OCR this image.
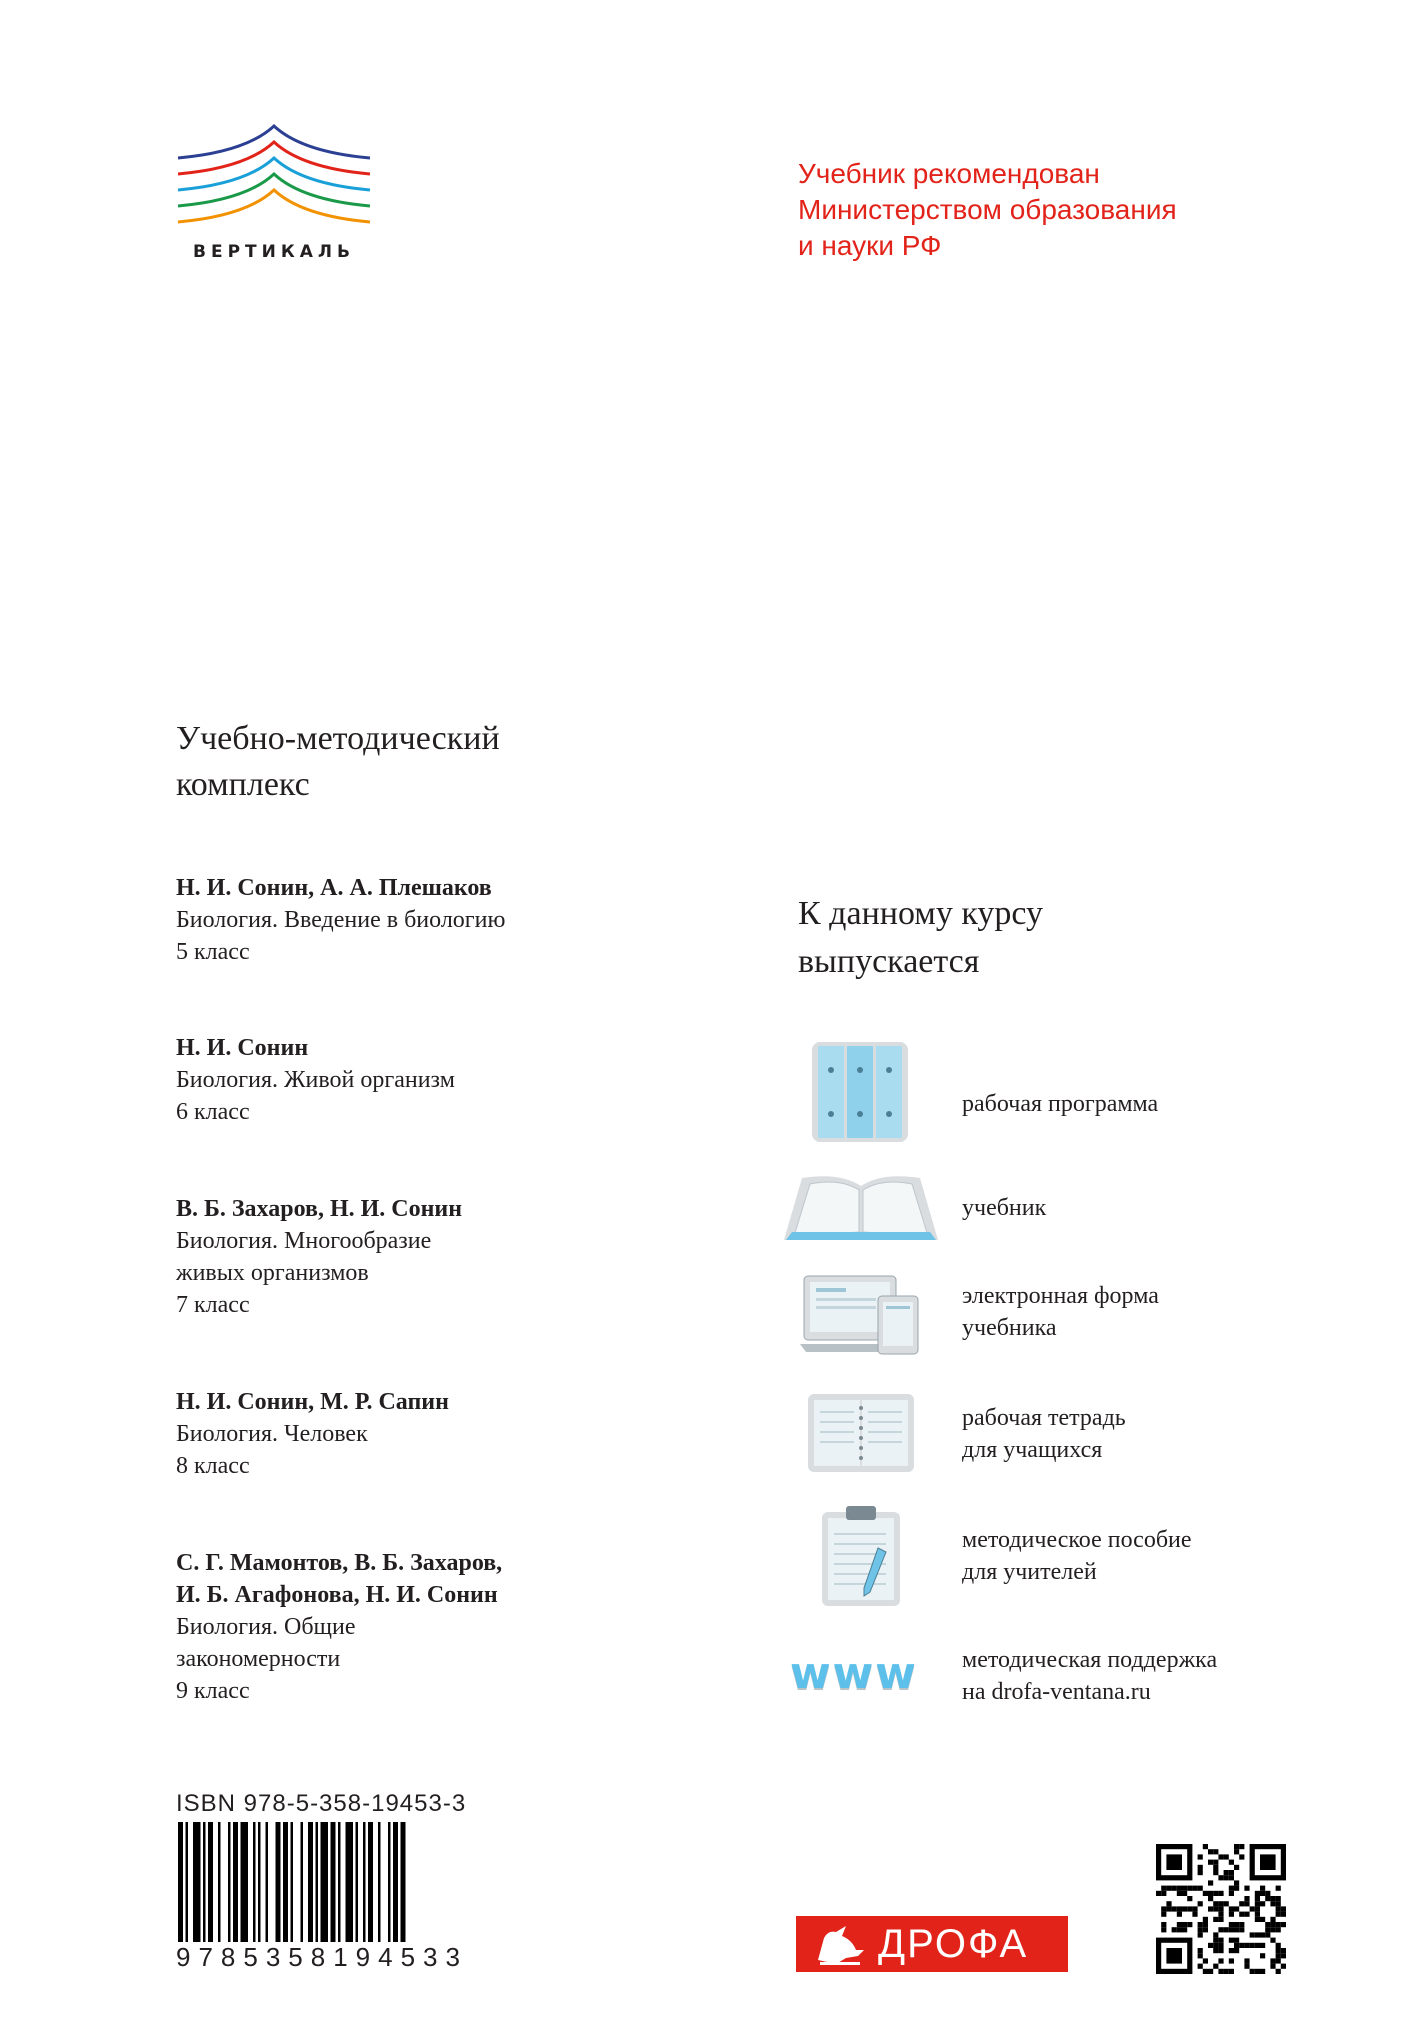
ВЕРТИКАЛЬ
Учебник рекомендован
Министерством образования
и науки РФ
Учебно-методический
комплекс
Н. И. Сонин, А. А. Плешаков
Биология. Введение в биологию
5 класс
Н. И. Сонин
Биология. Живой организм
6 класс
В. Б. Захаров, Н. И. Сонин
Биология. Многообразие
живых организмов
7 класс
Н. И. Сонин, М. Р. Сапин
Биология. Человек
8 класс
С. Г. Мамонтов, В. Б. Захаров,
И. Б. Агафонова, Н. И. Сонин
Биология. Общие
закономерности
9 класс
К данному курсу
выпускается
рабочая программа
учебник
электронная форма
учебника
рабочая тетрадь
для учащихся
методическое пособие
для учителей
www	методическая поддержка
на drofa-ventana.ru
ISBN 978-5-358-19453-3
9785358194533	ДРОФА
